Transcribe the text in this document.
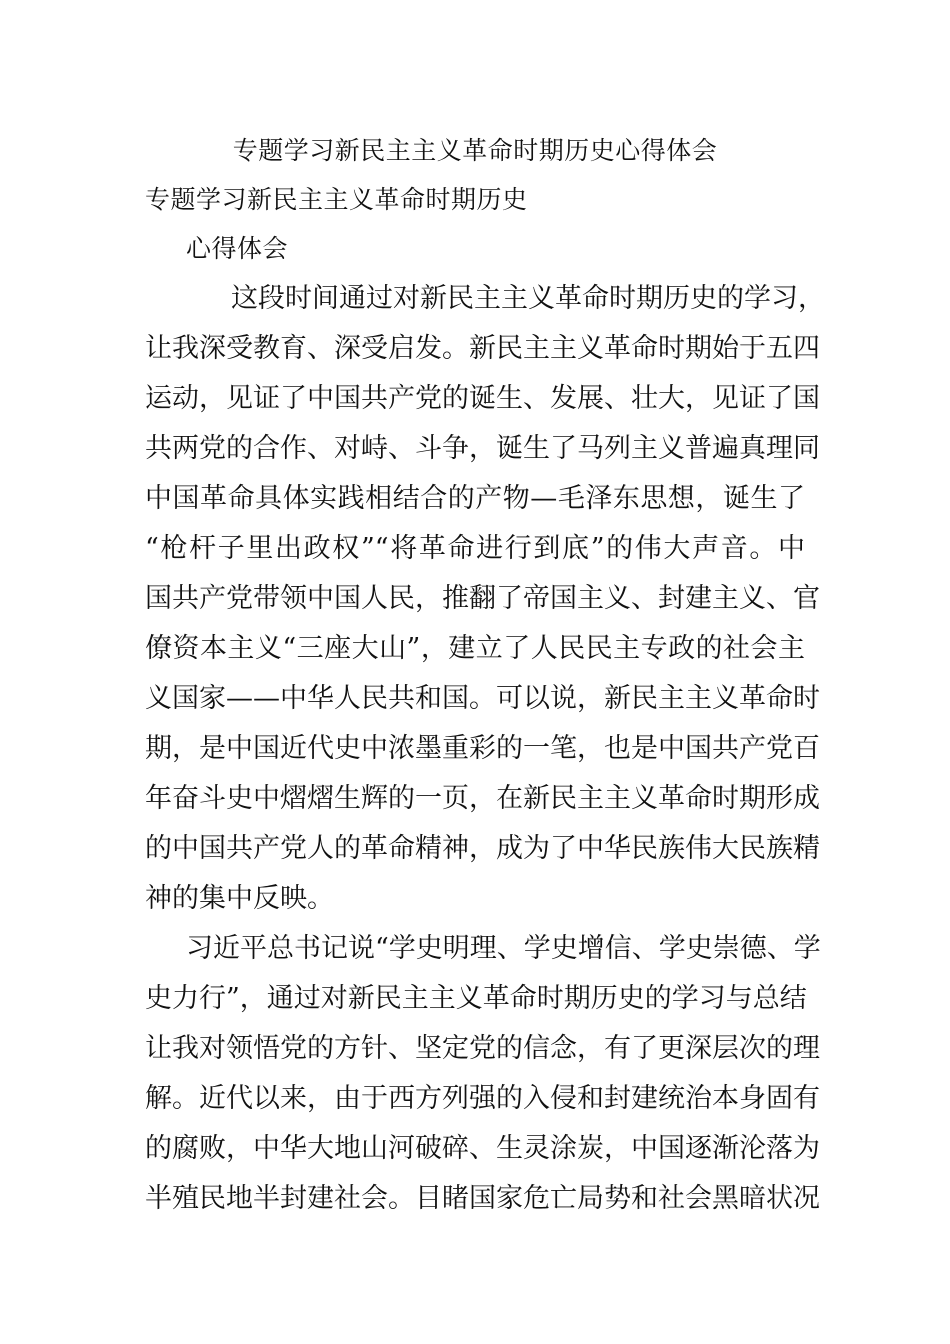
专题学习新民主主义革命时期历史心得体会
专题学习新民主主义革命时期历史
心得体会
这段时间通过对新民主主义革命时期历史的学习，
让我深受教育、深受启发。新民主主义革命时期始于五四
运动，见证了中国共产党的诞生、发展、壮大，见证了国
共两党的合作、对峙、斗争，诞生了马列主义普遍真理同
中国革命具体实践相结合的产物—毛泽东思想，诞生了
“枪杆子里出政权”“将革命进行到底”的伟大声音。中
国共产党带领中国人民，推翻了帝国主义、封建主义、官
僚资本主义“三座大山”，建立了人民民主专政的社会主
义国家——中华人民共和国。可以说，新民主主义革命时
期，是中国近代史中浓墨重彩的一笔，也是中国共产党百
年奋斗史中熠熠生辉的一页，在新民主主义革命时期形成
的中国共产党人的革命精神，成为了中华民族伟大民族精
神的集中反映。
习近平总书记说“学史明理、学史增信、学史崇德、学
史力行”，通过对新民主主义革命时期历史的学习与总结
让我对领悟党的方针、坚定党的信念，有了更深层次的理
解。近代以来，由于西方列强的入侵和封建统治本身固有
的腐败，中华大地山河破碎、生灵涂炭，中国逐渐沦落为
半殖民地半封建社会。目睹国家危亡局势和社会黑暗状况
